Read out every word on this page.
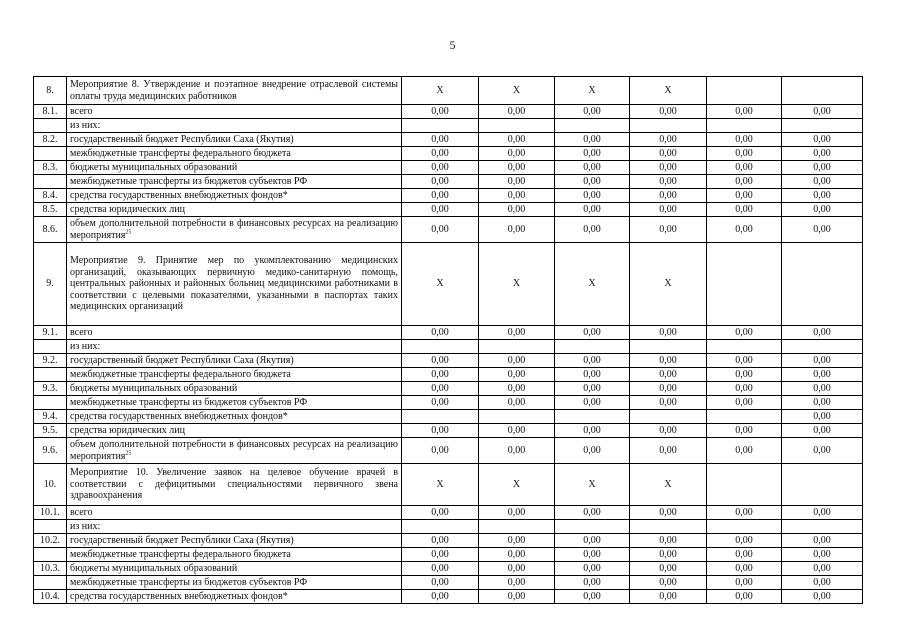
5
8.	Мероприятие 8. Утверждение и поэтапное внедрение отраслевой системы оплаты труда медицинских работников	X	X	X	X		
8.1.	всего	0,00	0,00	0,00	0,00	0,00	0,00
	из них:						
8.2.	государственный бюджет Республики Саха (Якутия)	0,00	0,00	0,00	0,00	0,00	0,00
	межбюджетные трансферты федерального бюджета	0,00	0,00	0,00	0,00	0,00	0,00
8.3.	бюджеты муниципальных образований	0,00	0,00	0,00	0,00	0,00	0,00
	межбюджетные трансферты из бюджетов субъектов РФ	0,00	0,00	0,00	0,00	0,00	0,00
8.4.	средства государственных внебюджетных фондов*	0,00	0,00	0,00	0,00	0,00	0,00
8.5.	средства юридических лиц	0,00	0,00	0,00	0,00	0,00	0,00
8.6.	объем дополнительной потребности в финансовых ресурсах на реализацию мероприятия$^{25}$	0,00	0,00	0,00	0,00	0,00	0,00
9.	Мероприятие 9. Принятие мер по укомплектованию медицинских организаций, оказывающих первичную медико-санитарную помощь, центральных районных и районных больниц медицинскими работниками в соответствии с целевыми показателями, указанными в паспортах таких медицинских организаций	X	X	X	X		
9.1.	всего	0,00	0,00	0,00	0,00	0,00	0,00
	из них:						
9.2.	государственный бюджет Республики Саха (Якутия)	0,00	0,00	0,00	0,00	0,00	0,00
	межбюджетные трансферты федерального бюджета	0,00	0,00	0,00	0,00	0,00	0,00
9.3.	бюджеты муниципальных образований	0,00	0,00	0,00	0,00	0,00	0,00
	межбюджетные трансферты из бюджетов субъектов РФ	0,00	0,00	0,00	0,00	0,00	0,00
9.4.	средства государственных внебюджетных фондов*						0,00
9.5.	средства юридических лиц	0,00	0,00	0,00	0,00	0,00	0,00
9.6.	объем дополнительной потребности в финансовых ресурсах на реализацию мероприятия$^{25}$	0,00	0,00	0,00	0,00	0,00	0,00
10.	Мероприятие 10. Увеличение заявок на целевое обучение врачей в соответствии с дефицитными специальностями первичного звена здравоохранения	X	X	X	X		
10.1.	всего	0,00	0,00	0,00	0,00	0,00	0,00
	из них:						
10.2.	государственный бюджет Республики Саха (Якутия)	0,00	0,00	0,00	0,00	0,00	0,00
	межбюджетные трансферты федерального бюджета	0,00	0,00	0,00	0,00	0,00	0,00
10.3.	бюджеты муниципальных образований	0,00	0,00	0,00	0,00	0,00	0,00
	межбюджетные трансферты из бюджетов субъектов РФ	0,00	0,00	0,00	0,00	0,00	0,00
10.4.	средства государственных внебюджетных фондов*	0,00	0,00	0,00	0,00	0,00	0,00
